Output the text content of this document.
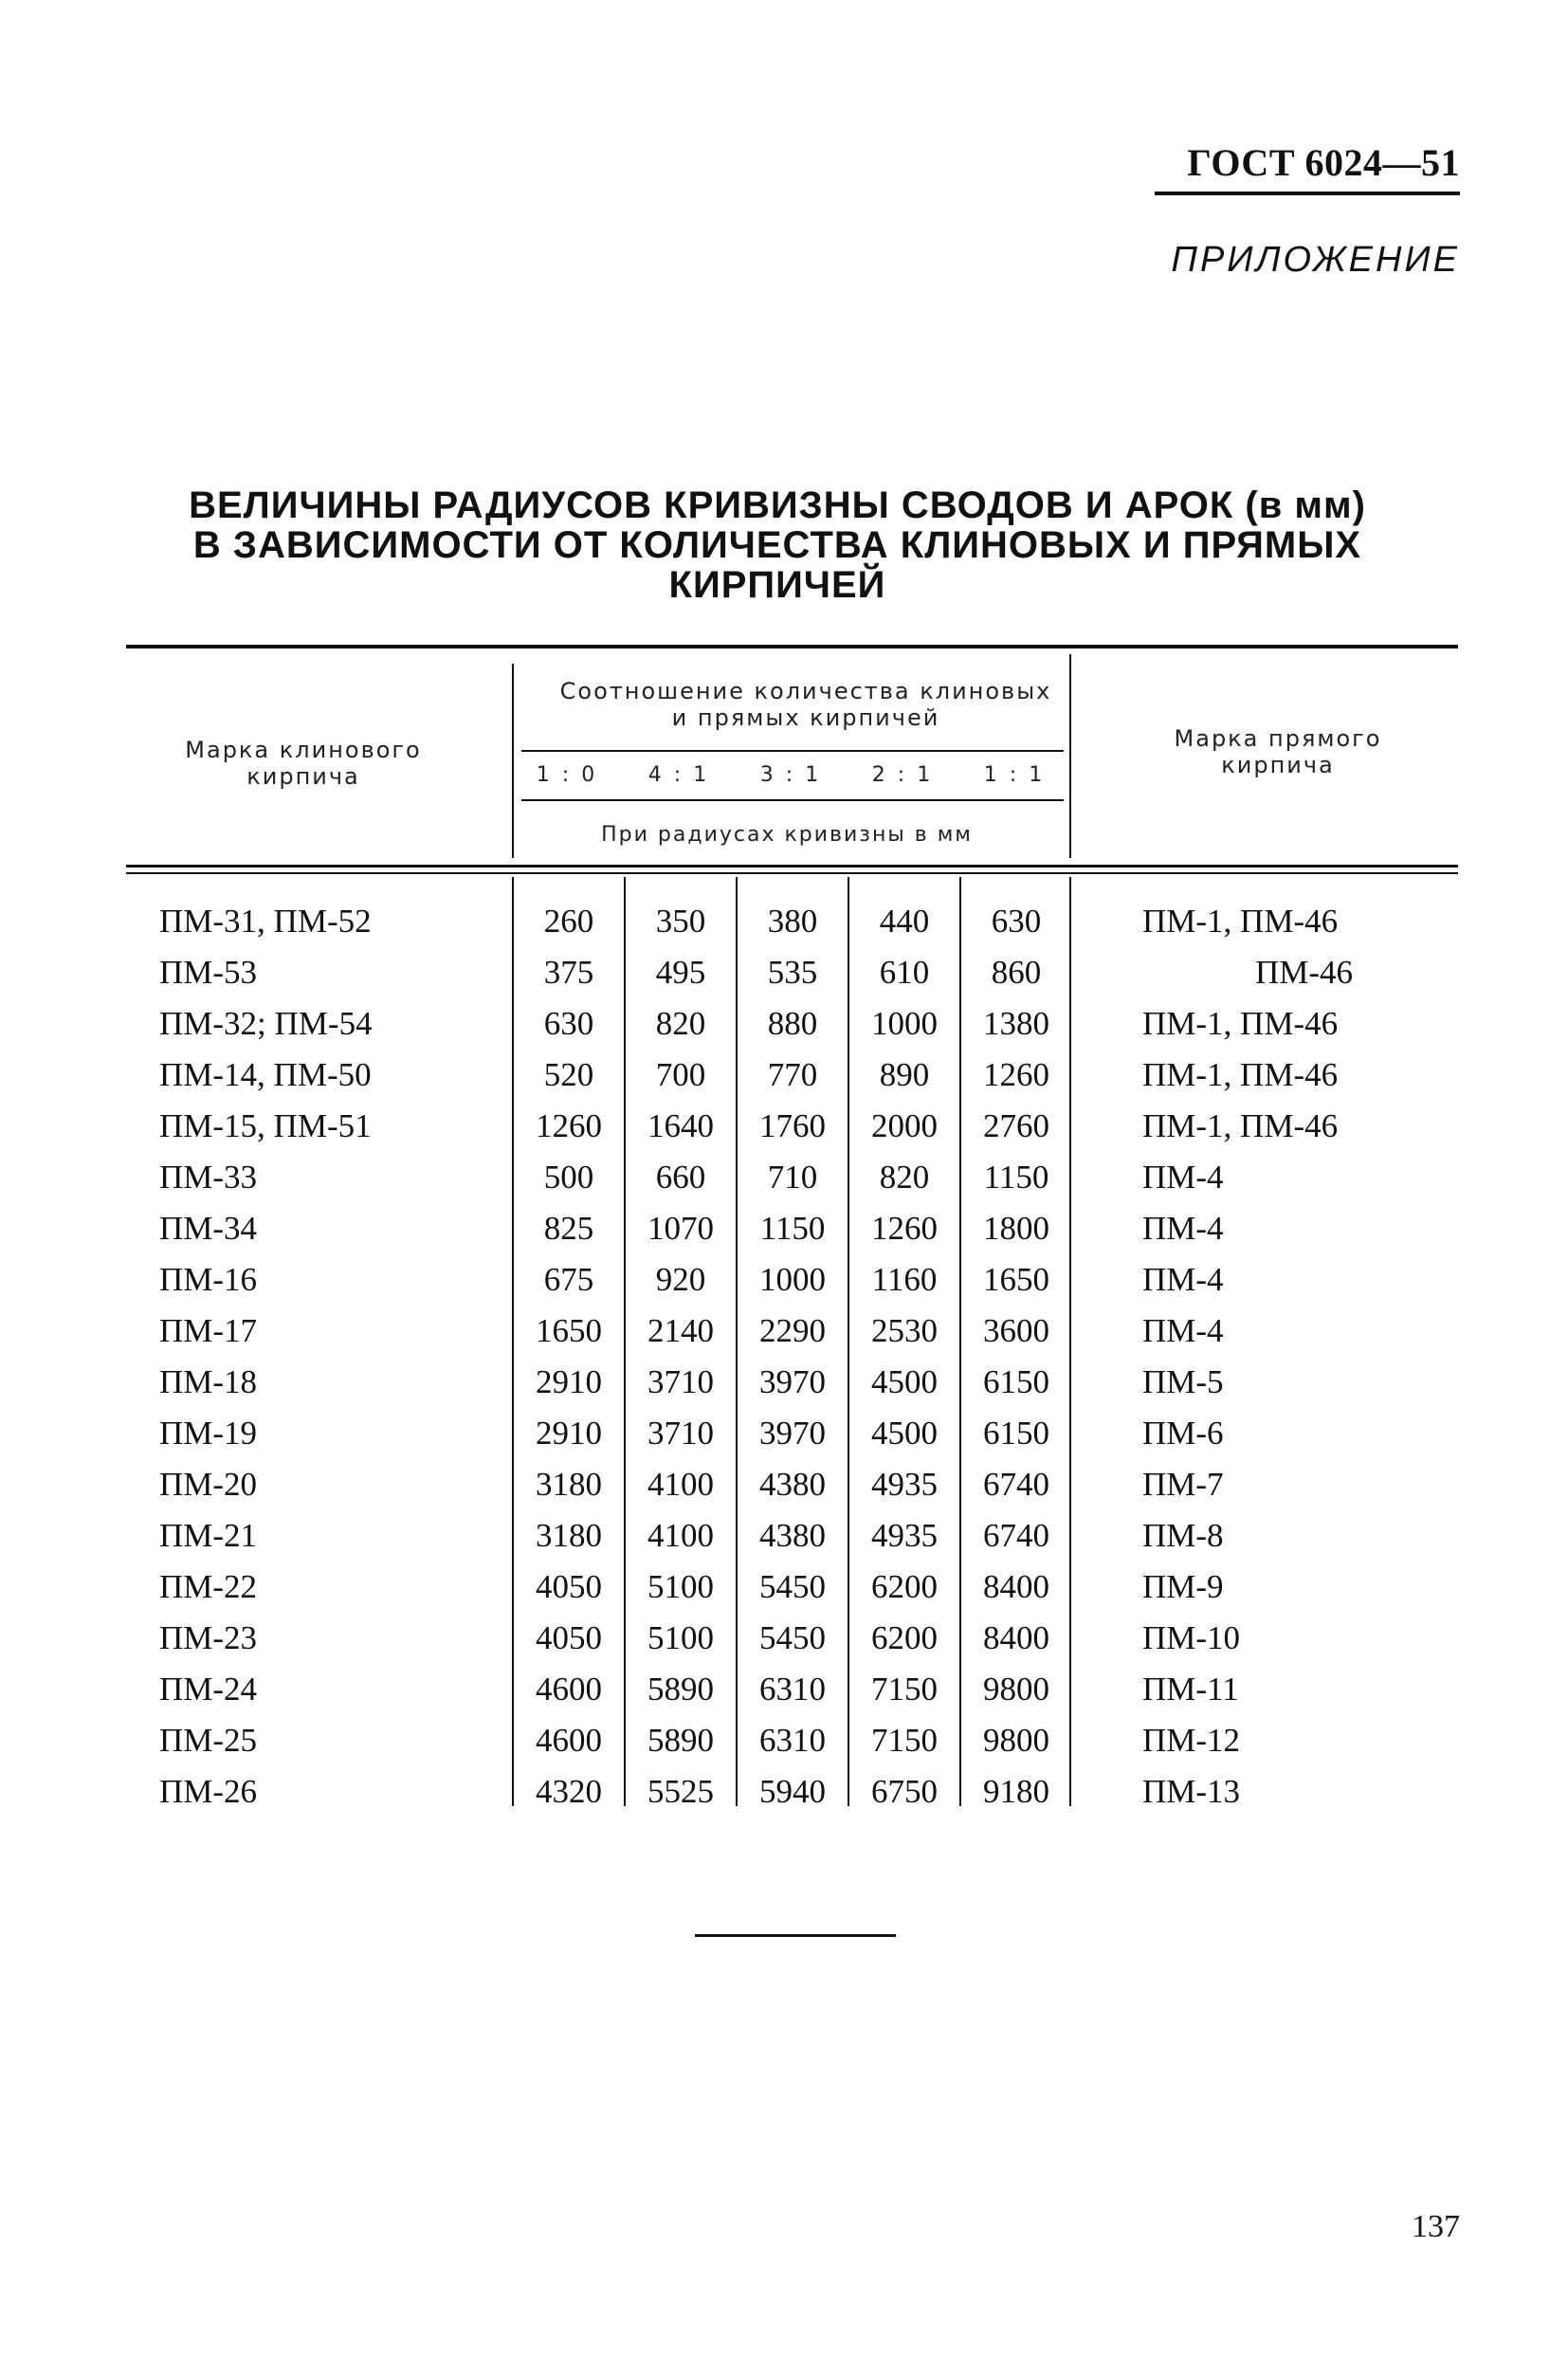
ГОСТ 6024—51
ПРИЛОЖЕНИЕ
ВЕЛИЧИНЫ РАДИУСОВ КРИВИЗНЫ СВОДОВ И АРОК (в мм)
В ЗАВИСИМОСТИ ОТ КОЛИЧЕСТВА КЛИНОВЫХ И ПРЯМЫХ
КИРПИЧЕЙ
Марка клинового кирпича
Соотношение количества клиновых и прямых кирпичей
Марка прямого кирпича
При радиусах кривизны в мм
1 : 0	4 : 1	3 : 1	2 : 1	1 : 1
ПМ-31, ПМ-52	260	350	380	440	630	ПМ-1, ПМ-46
ПМ-53	375	495	535	610	860	ПМ-46
ПМ-32; ПМ-54	630	820	880	1000	1380	ПМ-1, ПМ-46
ПМ-14, ПМ-50	520	700	770	890	1260	ПМ-1, ПМ-46
ПМ-15, ПМ-51	1260	1640	1760	2000	2760	ПМ-1, ПМ-46
ПМ-33	500	660	710	820	1150	ПМ-4
ПМ-34	825	1070	1150	1260	1800	ПМ-4
ПМ-16	675	920	1000	1160	1650	ПМ-4
ПМ-17	1650	2140	2290	2530	3600	ПМ-4
ПМ-18	2910	3710	3970	4500	6150	ПМ-5
ПМ-19	2910	3710	3970	4500	6150	ПМ-6
ПМ-20	3180	4100	4380	4935	6740	ПМ-7
ПМ-21	3180	4100	4380	4935	6740	ПМ-8
ПМ-22	4050	5100	5450	6200	8400	ПМ-9
ПМ-23	4050	5100	5450	6200	8400	ПМ-10
ПМ-24	4600	5890	6310	7150	9800	ПМ-11
ПМ-25	4600	5890	6310	7150	9800	ПМ-12
ПМ-26	4320	5525	5940	6750	9180	ПМ-13
137
